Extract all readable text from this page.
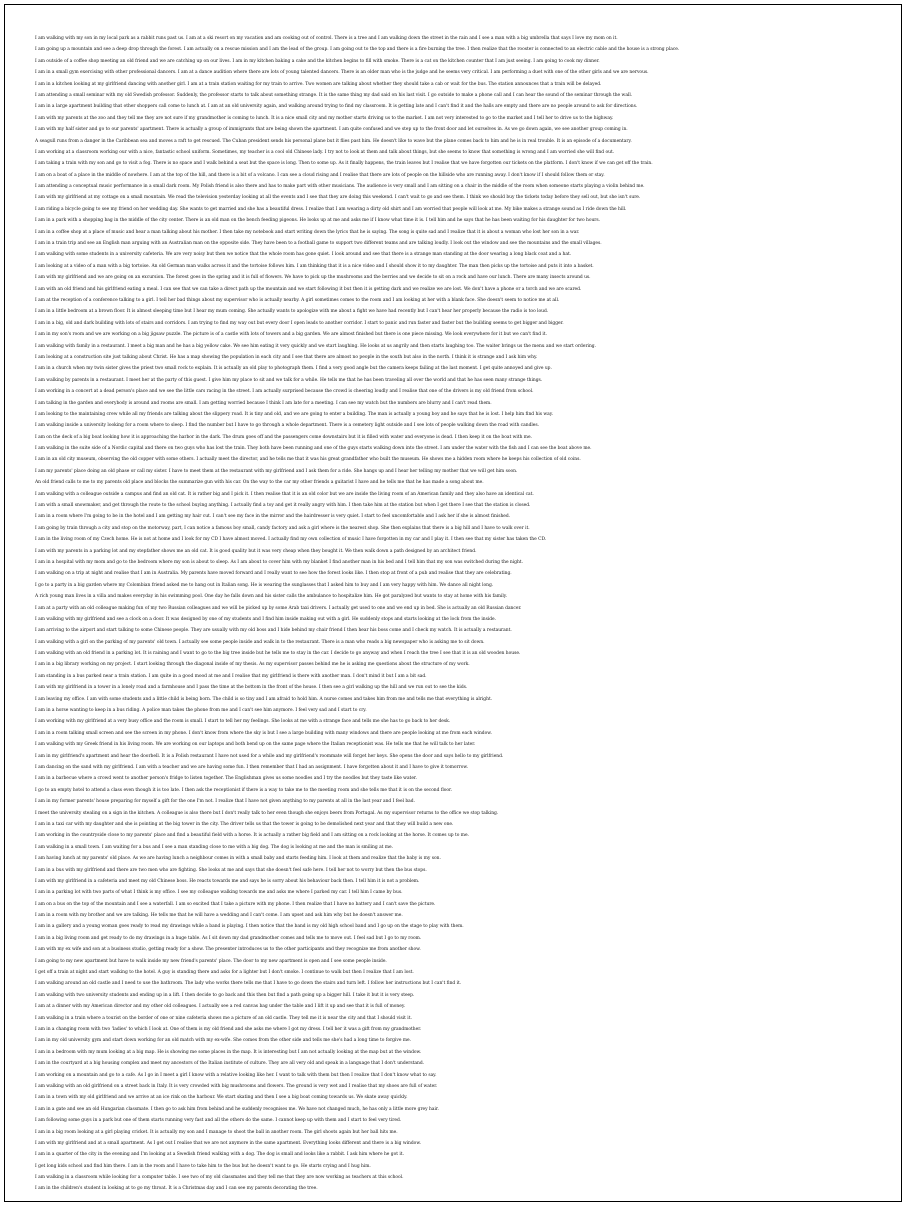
I am walking with my son in my local park as a rabbit runs past us. I am at a ski resort on my vacation and am cooking out of control. There is a tree and I am walking down the street in the rain and I see a man with a big umbrella that says I love my mom on it.
I am going up a mountain and see a deep drop through the forest. I am actually on a rescue mission and I am the lead of the group. I am going out to the top and there is a fire burning the tree. I then realize that the rooster is connected to an electric cable and the house is a strong place.
I am outside of a coffee shop meeting an old friend and we are catching up on our lives. I am in my kitchen baking a cake and the kitchen begins to fill with smoke. There is a cat on the kitchen counter that I am just seeing. I am going to cook my dinner.
I am in a small gym exercising with other professional dancers. I am at a dance audition where there are lots of young talented dancers. There is an older man who is the judge and he seems very critical. I am performing a duet with one of the other girls and we are nervous.
I am in a kitchen looking at my girlfriend dancing with another girl. I am at a train station waiting for my train to arrive. Two women are talking about whether they should take a cab or wait for the bus. The station announces that a train will be delayed.
I am attending a small seminar with my old Swedish professor. Suddenly, the professor starts to talk about something strange. It is the same thing my dad said on his last visit. I go outside to make a phone call and I can hear the sound of the seminar through the wall.
I am in a large apartment building that other shoppers call come to lunch at. I am at an old university again, and walking around trying to find my classroom. It is getting late and I can't find it and the halls are empty and there are no people around to ask for directions.
I am with my parents at the zoo and they tell me they are not sure if my grandmother is coming to lunch. It is a nice small city and my mother starts driving us to the market. I am not very interested to go to the market and I tell her to drive us to the highway.
I am with my half sister and go to our parents' apartment. There is actually a group of immigrants that are being shown the apartment. I am quite confused and we step up to the front door and let ourselves in. As we go down again, we see another group coming in.
A seagull runs from a danger in the Caribbean sea and moves a raft to get rescued. The Cuban president sends his personal plane but it flies past him. He doesn't like to wave but the plane comes back to him and he is in real trouble. It is an episode of a documentary.
I am working at a classroom working our with a nice, fantastic school uniform. Sometimes, my teacher is a cool old Chinese lady. I try not to look at them and talk about things, but she seems to know that something is wrong and I am worried she will find out.
I am taking a train with my son and go to visit a fog. There is no space and I walk behind a seat but the space is long. Then to some up. As it finally happens, the train leaves but I realise that we have forgotten our tickets on the platform. I don't know if we can get off the train.
I am on a boat of a place in the middle of nowhere. I am at the top of the hill, and there is a bit of a volcano. I can see a cloud rising and I realise that there are lots of people on the hillside who are running away. I don't know if I should follow them or stay.
I am attending a conceptual music performance in a small dark room. My Polish friend is also there and has to make part with other musicians. The audience is very small and I am sitting on a chair in the middle of the room when someone starts playing a violin behind me.
I am with my girlfriend at my cottage on a small mountain. We read the television yesterday looking at all the events and I see that they are doing this weekend. I can't wait to go and see them. I think we should buy the tickets today before they sell out, but she isn't sure.
I am riding a bicycle going to see my friend on her wedding day. She wants to get married and she has a beautiful dress. I realize that I am wearing a dirty old shirt and I am worried that people will look at me. My bike makes a strange sound as I ride down the hill.
I am in a park with a shopping bag in the middle of the city center. There is an old man on the bench feeding pigeons. He looks up at me and asks me if I know what time it is. I tell him and he says that he has been waiting for his daughter for two hours.
I am in a coffee shop at a place of music and hear a man talking about his mother. I then take my notebook and start writing down the lyrics that he is saying. The song is quite sad and I realize that it is about a woman who lost her son in a war.
I am in a train trip and see an English man arguing with an Australian man on the opposite side. They have been to a football game to support two different teams and are talking loudly. I look out the window and see the mountains and the small villages.
I am walking with some students in a university cafeteria. We are very noisy but then we notice that the whole room has gone quiet. I look around and see that there is a strange man standing at the door wearing a long black coat and a hat.
I am looking at a video of a man with a big tortoise. An old German man walks across it and the tortoise follows him. I am thinking that it is a nice video and I should show it to my daughter. The man then picks up the tortoise and puts it into a basket.
I am with my girlfriend and we are going on an excursion. The forest goes in the spring and it is full of flowers. We have to pick up the mushrooms and the berries and we decide to sit on a rock and have our lunch. There are many insects around us.
I am with an old friend and his girlfriend eating a meal. I can see that we can take a direct path up the mountain and we start following it but then it is getting dark and we realize we are lost. We don't have a phone or a torch and we are scared.
I am at the reception of a conference talking to a girl. I tell her bad things about my supervisor who is actually nearby. A girl sometimes comes to the room and I am looking at her with a blank face. She doesn't seem to notice me at all.
I am in a little bedroom at a brown floor. It is almost sleeping time but I hear my mum coming. She actually wants to apologize with me about a fight we have had recently but I can't hear her properly because the radio is too loud.
I am in a big, old and dark building with lots of stairs and corridors. I am trying to find my way out but every door I open leads to another corridor. I start to panic and run faster and faster but the building seems to get bigger and bigger.
I am in my son's room and we are working on a big jigsaw puzzle. The picture is of a castle with lots of towers and a big garden. We are almost finished but there is one piece missing. We look everywhere for it but we can't find it.
I am walking with family in a restaurant. I meet a big man and he has a big yellow cake. We see him eating it very quickly and we start laughing. He looks at us angrily and then starts laughing too. The waiter brings us the menu and we start ordering.
I am looking at a construction site just talking about Christ. He has a map showing the population in each city and I see that there are almost no people in the south but also in the north. I think it is strange and I ask him why.
I am in a church when my twin sister gives the priest two small rock to explain. It is actually an old play to photograph them. I find a very good angle but the camera keeps failing at the last moment. I get quite annoyed and give up.
I am walking by parents in a restaurant. I meet her at the party of this guest. I give him my place to sit and we talk for a while. He tells me that he has been traveling all over the world and that he has seen many strange things.
I am working in a concert at a dead person's place and we see the little cars racing in the street. I am actually surprised because the crowd is cheering loudly and I realise that one of the drivers is my old friend from school.
I am talking in the garden and everybody is around and rooms are small. I am getting worried because I think I am late for a meeting. I can see my watch but the numbers are blurry and I can't read them.
I am looking to the maintaining crew while all my friends are talking about the slippery road. It is tiny and old, and we are going to enter a building. The man is actually a young boy and he says that he is lost. I help him find his way.
I am walking inside a university looking for a room where to sleep. I find the number but I have to go through a whole department. There is a cemetery light outside and I see lots of people walking down the road with candles.
I am on the deck of a big boat looking how it is approaching the harbor in the dark. The drum goes off and the passengers come downstairs but it is filled with water and everyone is dead. I then keep it on the boat with me.
I am walking in the suite side of a Nordic capital and there on two guys who has lost the train. They both have been running and one of the guys starts walking down into the street. I am under the water with the fish and I can see the boat above me.
I am in an old city museum, observing the old copper with some others. I actually meet the director, and he tells me that it was his great grandfather who built the museum. He shows me a hidden room where he keeps his collection of old coins.
I am my parents' place doing an old phase or call my sister. I have to meet them at the restaurant with my girlfriend and I ask them for a ride. She hangs up and I hear her telling my mother that we will get him soon.
An old friend calls to me to my parents old place and blocks the summarize gun with his car. On the way to the car my other friends a guitarist I have and he tells me that he has made a song about me.
I am walking with a colleague outside a campus and find an old cat. It is rather big and I pick it. I then realise that it is an old color but we are inside the living room of an American family and they also have an identical cat.
I am with a small snowmaker, and get through the route to the school buying anything. I actually find a toy and get it really angry with him. I then take him at the station but when I get there I see that the station is closed.
I am in a room where I'm going to be in the hotel and I am getting my hair cut. I can't see my face in the mirror and the hairdresser is very quiet. I start to feel uncomfortable and I ask her if she is almost finished.
I am going by train through a city and stop on the motorway, part, I can notice a famous boy small, candy factory and ask a girl where is the nearest shop. She then explains that there is a big hill and I have to walk over it.
I am in the living room of my Czech home. He is not at home and I look for my CD I have almost moved. I actually find my own collection of music I have forgotten in my car and I play it. I then see that my sister has taken the CD.
I am with my parents in a parking lot and my stepfather shows me an old cat. It is good quality but it was very cheap when they bought it. We then walk down a path designed by an architect friend.
I am in a hospital with my mom and go to the bedroom where my son is about to sleep. As I am about to cover him with my blanket I find another man in his bed and I tell him that my son was switched during the night.
I am walking on a trip at night and realise that I am in Australia. My parents have moved forward and I really want to see how the forest looks like. I then stop at front of a pub and realise that they are celebrating.
I go to a party in a big garden where my Colombian friend asked me to hang out in Italian song. He is wearing the sunglasses that I asked him to buy and I am very happy with him. We dance all night long.
A rich young man lives in a villa and makes everyday in his swimming pool. One day he falls down and his sister calls the ambulance to hospitalize him. He got paralyzed but wants to stay at home with his family.
I am at a party with an old colleague making fun of my two Russian colleagues and we will be picked up by some Arab taxi drivers. I actually get used to one and we end up in bed. She is actually an old Russian dancer.
I am walking with my girlfriend and see a clock on a door. It was designed by one of my students and I find him inside making out with a girl. He suddenly stops and starts looking at the lock from the inside.
I am arriving to the airport and start talking to some Chinese people. They are usually with my old boss and I hide behind my chair friend I then hear his boss come and I check my watch. It is actually a restaurant.
I am walking with a girl on the parking of my parents' old town. I actually see some people inside and walk in to the restaurant. There is a man who reads a big newspaper who is asking me to sit down.
I am walking with an old friend in a parking lot. It is raining and I want to go to the big tree inside but he tells me to stay in the car. I decide to go anyway and when I reach the tree I see that it is an old wooden house.
I am in a big library working on my project. I start looking through the diagonal inside of my thesis. As my supervisor passes behind me he is asking me questions about the structure of my work.
I am standing in a bus parked near a train station. I am quite in a good mood at me and I realise that my girlfriend is there with another man. I don't mind it but I am a bit sad.
I am with my girlfriend in a tower in a lonely road and a farmhouse and I pass the time at the bottom in the front of the house. I then see a girl walking up the hill and we run out to see the kids.
I am leaving my office. I am with some students and a little child is being born. The child is so tiny and I am afraid to hold him. A nurse comes and takes him from me and tells me that everything is alright.
I am in a horse wanting to keep in a bus riding. A police man takes the phone from me and I can't see him anymore. I feel very sad and I start to cry.
I am working with my girlfriend at a very busy office and the room is small. I start to tell her my feelings. She looks at me with a strange face and tells me she has to go back to her desk.
I am in a room talking small screen and see the screen in my phone. I don't know from where the sky is but I see a large building with many windows and there are people looking at me from each window.
I am walking with my Greek friend in his living room. We are working on our laptops and both bend up on the same page where the Italian receptionist was. He tells me that he will talk to her later.
I am in my girlfriend's apartment and hear the doorbell. It is a Polish restaurant I have not used for a while and my girlfriend's roommate will forget her keys. She opens the door and says hello to my girlfriend.
I am dancing on the sand with my girlfriend. I am with a teacher and we are having some fun. I then remember that I had an assignment. I have forgotten about it and I have to give it tomorrow.
I am in a barbecue where a crowd went to another person's fridge to listen together. The Englishman gives us some noodles and I try the noodles but they taste like water.
I go to an empty hotel to attend a class even though it is too late. I then ask the receptionist if there is a way to take me to the meeting room and she tells me that it is on the second floor.
I am in my former parents' house preparing for myself a gift for the one I'm not. I realize that I have not given anything to my parents at all in the last year and I feel bad.
I meet the university stealing on a sign in the kitchen. A colleague is also there but I don't really talk to her even though she enjoys beers from Portugal. As my supervisor returns to the office we stop talking.
I am in a taxi car with my daughter and she is pointing at the big tower in the city. The driver tells us that the tower is going to be demolished next year and that they will build a new one.
I am working in the countryside close to my parents' place and find a beautiful field with a horse. It is actually a rather big field and I am sitting on a rock looking at the horse. It comes up to me.
I am walking in a small town. I am waiting for a bus and I see a man standing close to me with a big dog. The dog is looking at me and the man is smiling at me.
I am having lunch at my parents' old place. As we are having lunch a neighbour comes in with a small baby and starts feeding him. I look at them and realize that the baby is my son.
I am in a bus with my girlfriend and there are two men who are fighting. She looks at me and says that she doesn't feel safe here. I tell her not to worry but then the bus stops.
I am with my girlfriend in a cafeteria and meet my old Chinese boss. He reacts towards me and says he is sorry about his behaviour back then. I tell him it is not a problem.
I am in a parking lot with two parts of what I think is my office. I see my colleague walking towards me and asks me where I parked my car. I tell him I came by bus.
I am on a bus on the top of the mountain and I see a waterfall. I am so excited that I take a picture with my phone. I then realize that I have no battery and I can't save the picture.
I am in a room with my brother and we are talking. He tells me that he will have a wedding and I can't come. I am upset and ask him why but he doesn't answer me.
I am in a gallery and a young woman goes ready to read my drawings while a band is playing. I then notice that the band is my old high school band and I go up on the stage to play with them.
I am in a big living room and get ready to do my drawings in a huge table. As I sit down my dad grandmother comes and tells me to move out. I feel sad but I go to my room.
I am with my ex wife and son at a business studio, getting ready for a show. The presenter introduces us to the other participants and they recognize me from another show.
I am going to my new apartment but have to walk inside my new friend's parents' place. The door to my new apartment is open and I see some people inside.
I get off a train at night and start walking to the hotel. A guy is standing there and asks for a lighter but I don't smoke. I continue to walk but then I realize that I am lost.
I am walking around an old castle and I need to use the bathroom. The lady who works there tells me that I have to go down the stairs and turn left. I follow her instructions but I can't find it.
I am walking with two university students and ending up in a lift. I then decide to go back and this then but find a path going up a bigger hill. I take it but it is very steep.
I am at a dinner with my American director and my other old colleagues. I actually see a red canvas bag under the table and I lift it up and see that it is full of money.
I am walking in a train where a tourist on the border of one or nine cafeteria shows me a picture of an old castle. They tell me it is near the city and that I should visit it.
I am in a changing room with two 'ladies' to which I look at. One of them is my old friend and she asks me where I got my dress. I tell her it was a gift from my grandmother.
I am in my old university gym and start down working for an old match with my ex-wife. She comes from the other side and tells me she's had a long time to forgive me.
I am in a bedroom with my mum looking at a big map. He is showing me some places in the map. It is interesting but I am not actually looking at the map but at the window.
I am in the courtyard at a big housing complex and meet my ancestors of the Italian institute of culture. They are all very old and speak in a language that I don't understand.
I am working on a mountain and go to a cafe. As I go in I meet a girl I know with a relative looking like her. I want to talk with them but then I realize that I don't know what to say.
I am walking with an old girlfriend on a street back in Italy. It is very crowded with big mushrooms and flowers. The ground is very wet and I realise that my shoes are full of water.
I am in a town with my old girlfriend and we arrive at an ice rink on the harbour. We start skating and then I see a big boat coming towards us. We skate away quickly.
I am in a gate and see an old Hungarian classmate. I then go to ask him from behind and he suddenly recognises me. We have not changed much, he has only a little more grey hair.
I am following some guys in a park but one of them starts running very fast and all the others do the same. I cannot keep up with them and I start to feel very tired.
I am in a big room looking at a girl playing cricket. It is actually my son and I manage to shoot the ball in another room. The girl shoots again but her ball hits me.
I am with my girlfriend and at a small apartment. As I get out I realise that we are not anymore in the same apartment. Everything looks different and there is a big window.
I am in a quarter of the city in the evening and I'm looking at a Swedish friend walking with a dog. The dog is small and looks like a rabbit. I ask him where he got it.
I get long kids school and find him there. I am in the room and I have to take him to the bus but he doesn't want to go. He starts crying and I hug him.
I am walking in a classroom while looking for a computer table. I see two of my old classmates and they tell me that they are now working as teachers at this school.
I am in the children's student in looking at to go my throat. It is a Christmas day and I can see my parents decorating the tree.
